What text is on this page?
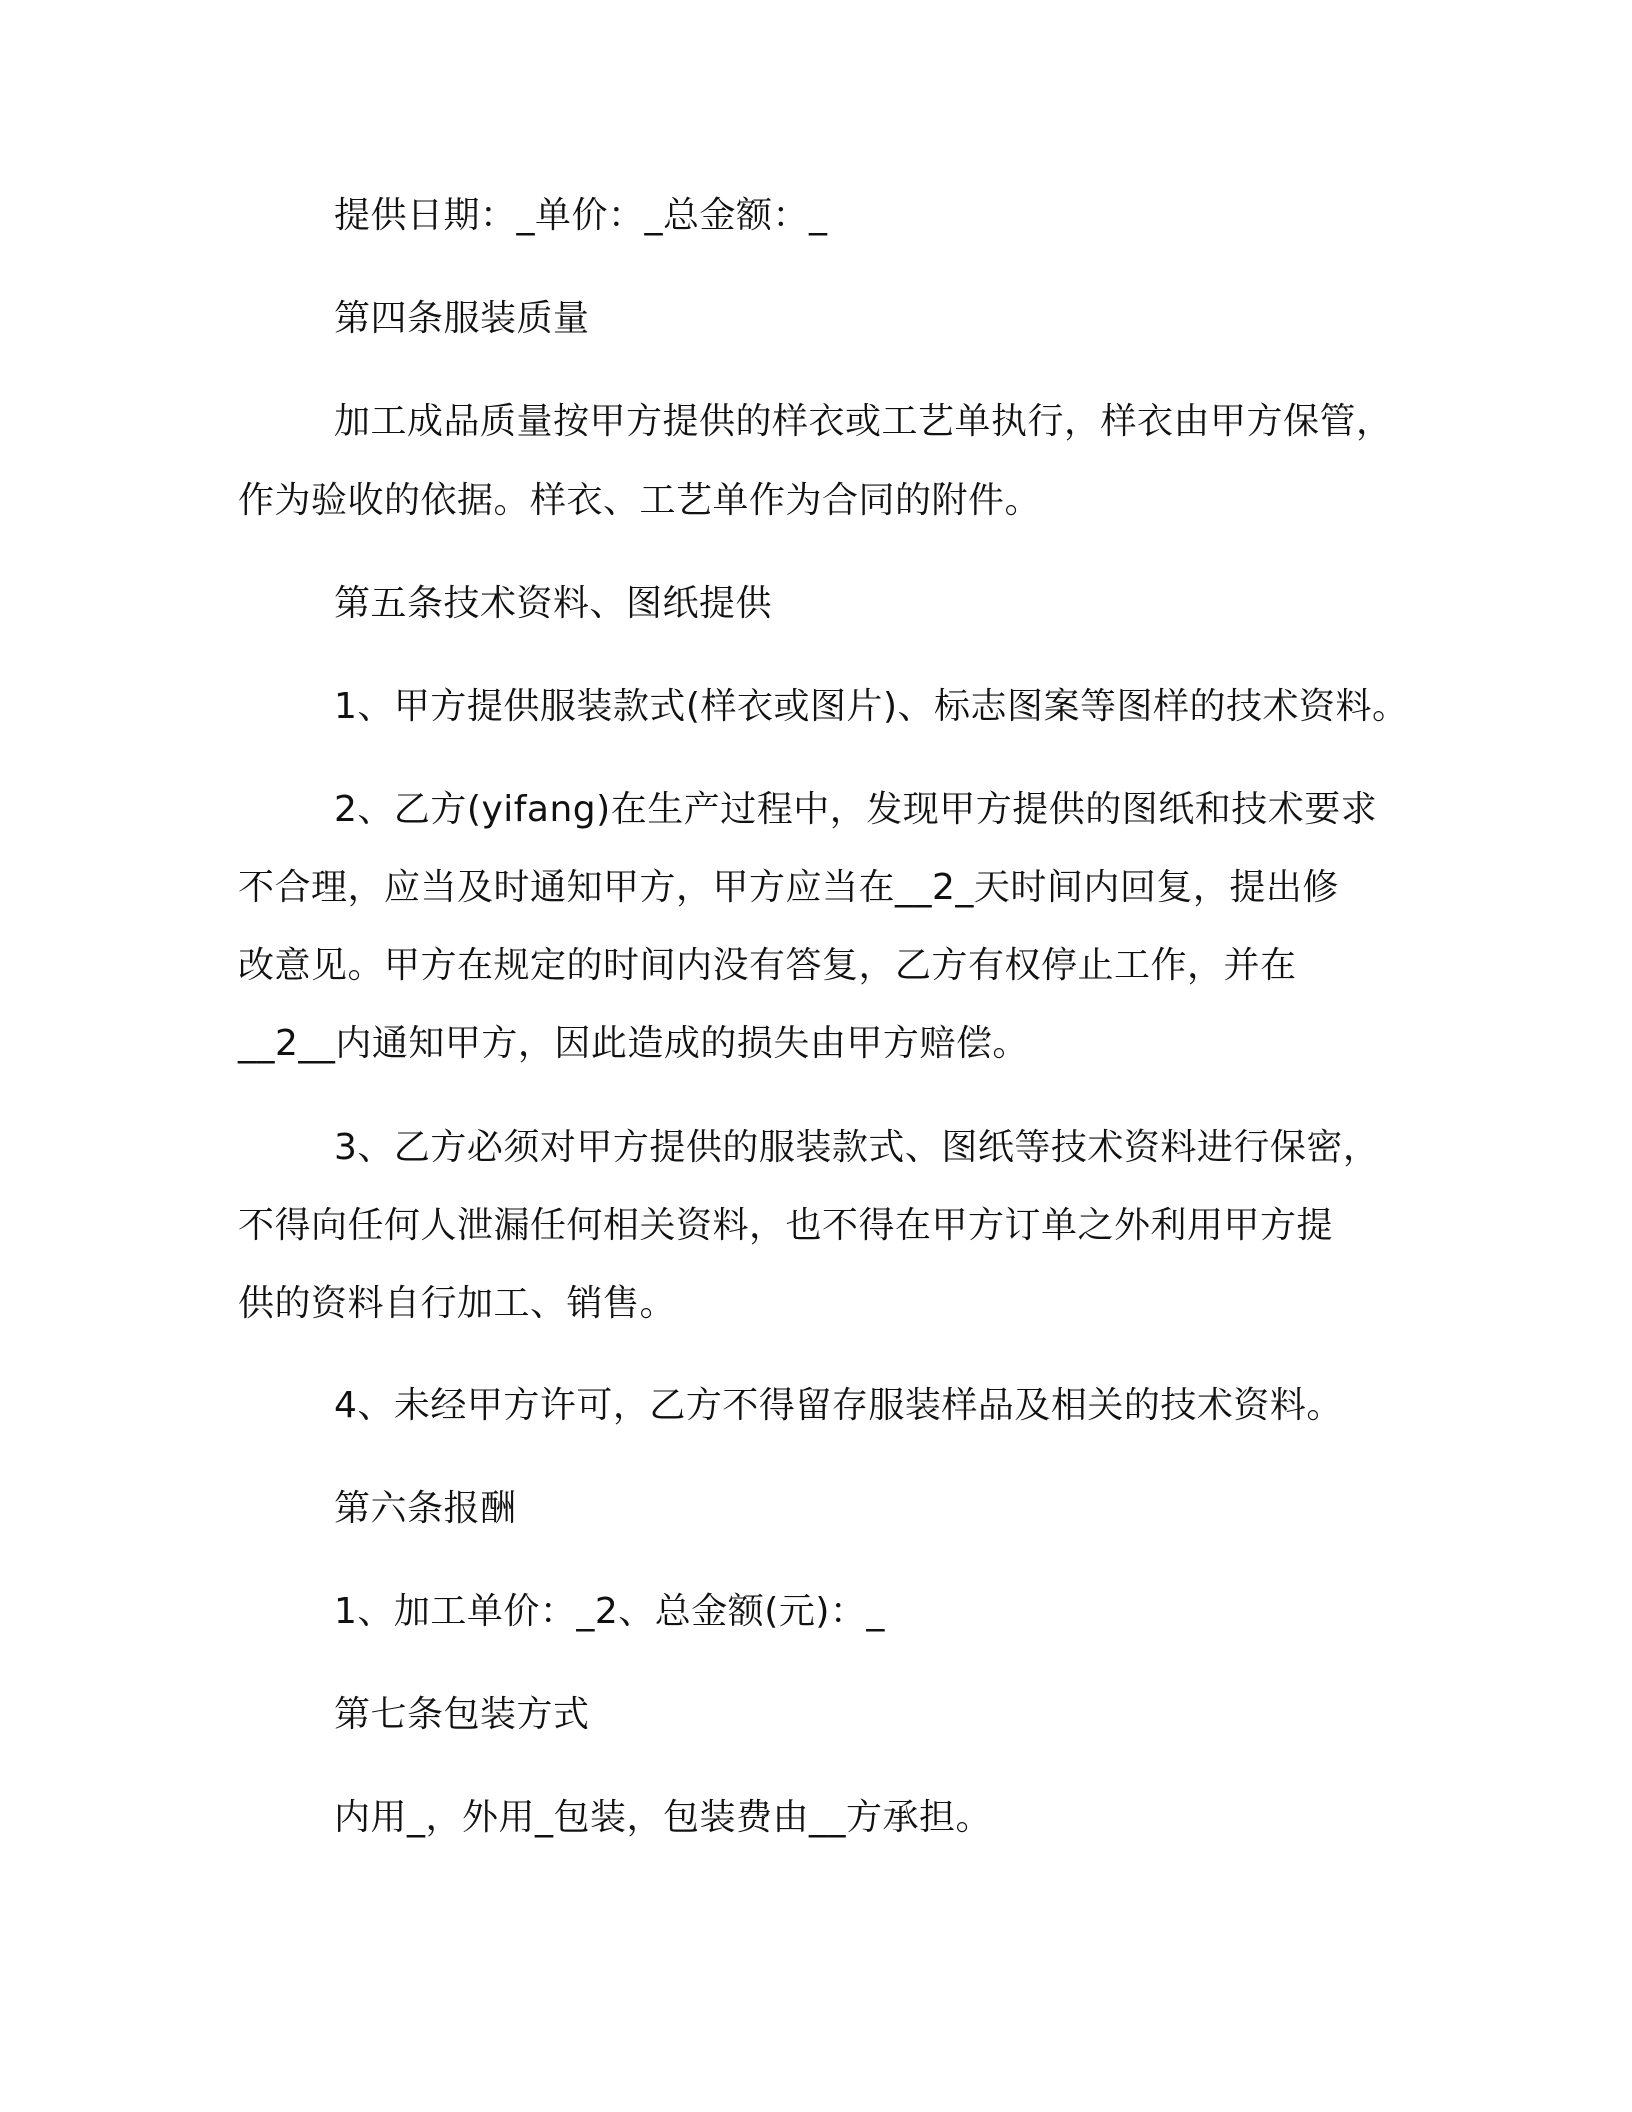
提供日期：_单价：_总金额：_
第四条服装质量
加工成品质量按甲方提供的样衣或工艺单执行，样衣由甲方保管，
作为验收的依据。样衣、工艺单作为合同的附件。
第五条技术资料、图纸提供
1、甲方提供服装款式(样衣或图片)、标志图案等图样的技术资料。
2、乙方(yifang)在生产过程中，发现甲方提供的图纸和技术要求
不合理，应当及时通知甲方，甲方应当在__2_天时间内回复，提出修
改意见。甲方在规定的时间内没有答复，乙方有权停止工作，并在
__2__内通知甲方，因此造成的损失由甲方赔偿。
3、乙方必须对甲方提供的服装款式、图纸等技术资料进行保密，
不得向任何人泄漏任何相关资料，也不得在甲方订单之外利用甲方提
供的资料自行加工、销售。
4、未经甲方许可，乙方不得留存服装样品及相关的技术资料。
第六条报酬
1、加工单价：_2、总金额(元)：_
第七条包装方式
内用_，外用_包装，包装费由__方承担。
